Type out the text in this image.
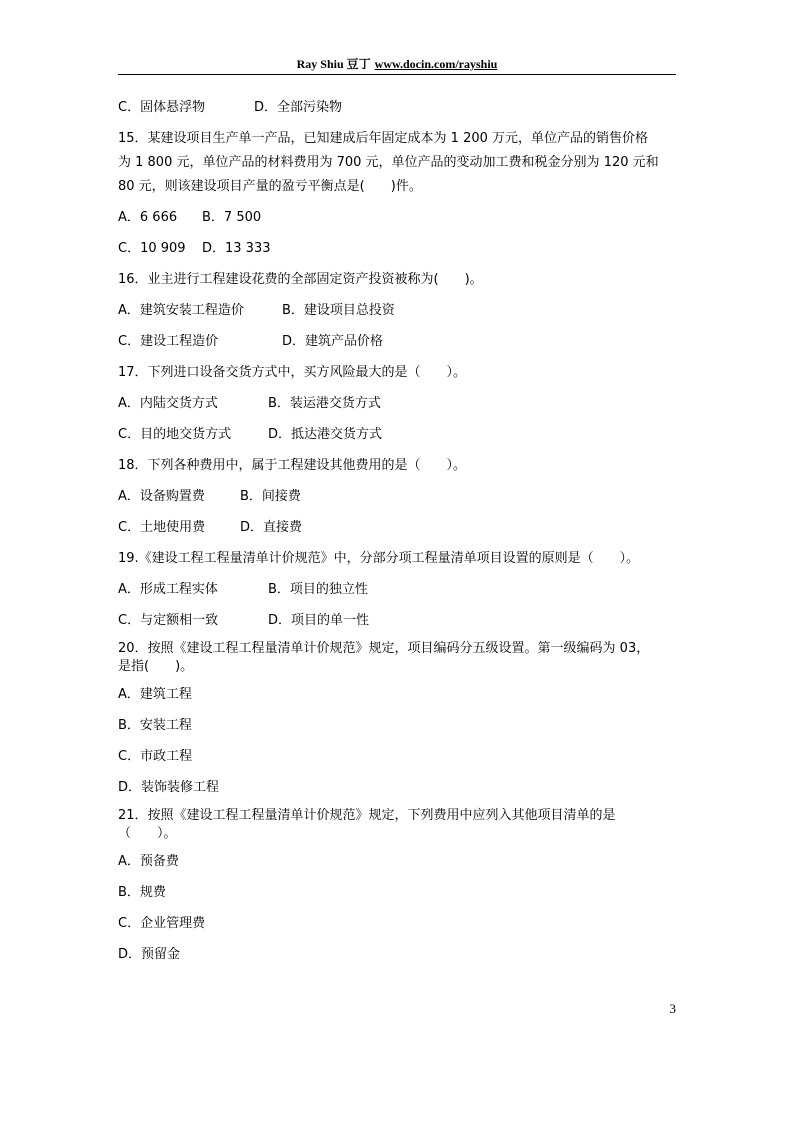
Ray Shiu 豆丁 www.docin.com/rayshiu
C．固体悬浮物	D．全部污染物
15．某建设项目生产单一产品，已知建成后年固定成本为 1 200 万元，单位产品的销售价格
为 1 800 元，单位产品的材料费用为 700 元，单位产品的变动加工费和税金分别为 120 元和
80 元，则该建设项目产量的盈亏平衡点是(　　)件。
A．6 666	B．7 500
C．10 909	D．13 333
16．业主进行工程建设花费的全部固定资产投资被称为(　　)。
A．建筑安装工程造价	B．建设项目总投资
C．建设工程造价	D．建筑产品价格
17．下列进口设备交货方式中，买方风险最大的是（　　）。
A．内陆交货方式	B．装运港交货方式
C．目的地交货方式	D．抵达港交货方式
18．下列各种费用中，属于工程建设其他费用的是（　　）。
A．设备购置费	B．间接费
C．土地使用费	D．直接费
19.《建设工程工程量清单计价规范》中，分部分项工程量清单项目设置的原则是（　　）。
A．形成工程实体	B．项目的独立性
C．与定额相一致	D．项目的单一性
20．按照《建设工程工程量清单计价规范》规定，项目编码分五级设置。第一级编码为 03，
是指(　　)。
A．建筑工程
B．安装工程
C．市政工程
D．装饰装修工程
21．按照《建设工程工程量清单计价规范》规定，下列费用中应列入其他项目清单的是
（　　）。
A．预备费
B．规费
C．企业管理费
D．预留金
3
